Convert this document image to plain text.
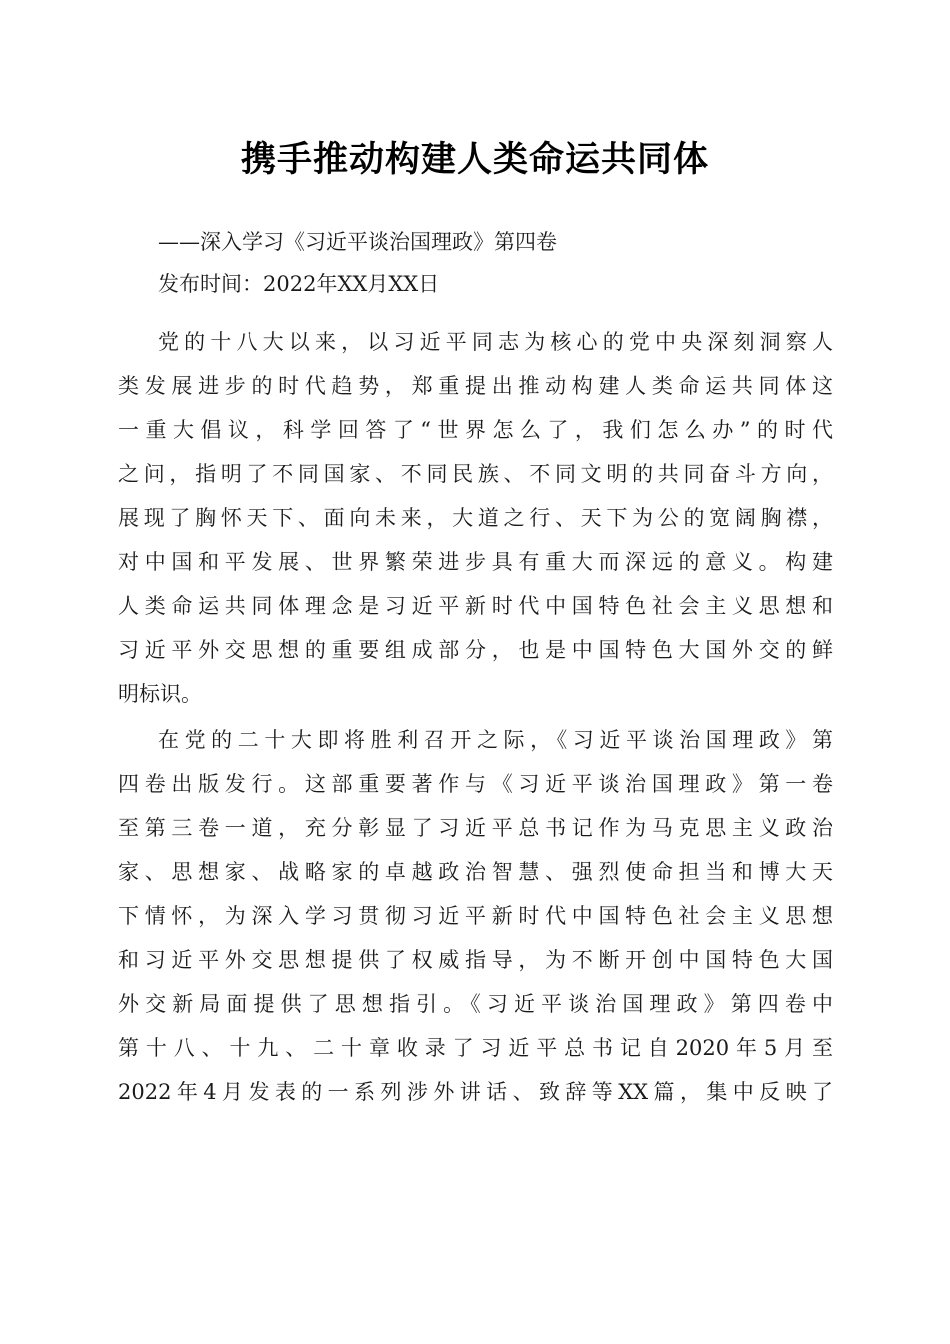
携手推动构建人类命运共同体
——深入学习《习近平谈治国理政》第四卷
发布时间：2022年XX月XX日
党的十八大以来，以习近平同志为核心的党中央深刻洞察人
类发展进步的时代趋势，郑重提出推动构建人类命运共同体这
一重大倡议，科学回答了“世界怎么了，我们怎么办”的时代
之问，指明了不同国家、不同民族、不同文明的共同奋斗方向，
展现了胸怀天下、面向未来，大道之行、天下为公的宽阔胸襟，
对中国和平发展、世界繁荣进步具有重大而深远的意义。构建
人类命运共同体理念是习近平新时代中国特色社会主义思想和
习近平外交思想的重要组成部分，也是中国特色大国外交的鲜
明标识。
在党的二十大即将胜利召开之际，《习近平谈治国理政》第
四卷出版发行。这部重要著作与《习近平谈治国理政》第一卷
至第三卷一道，充分彰显了习近平总书记作为马克思主义政治
家、思想家、战略家的卓越政治智慧、强烈使命担当和博大天
下情怀，为深入学习贯彻习近平新时代中国特色社会主义思想
和习近平外交思想提供了权威指导，为不断开创中国特色大国
外交新局面提供了思想指引。《习近平谈治国理政》第四卷中
第十八、十九、二十章收录了习近平总书记自2020年5月至
2022年4月发表的一系列涉外讲话、致辞等XX篇，集中反映了
